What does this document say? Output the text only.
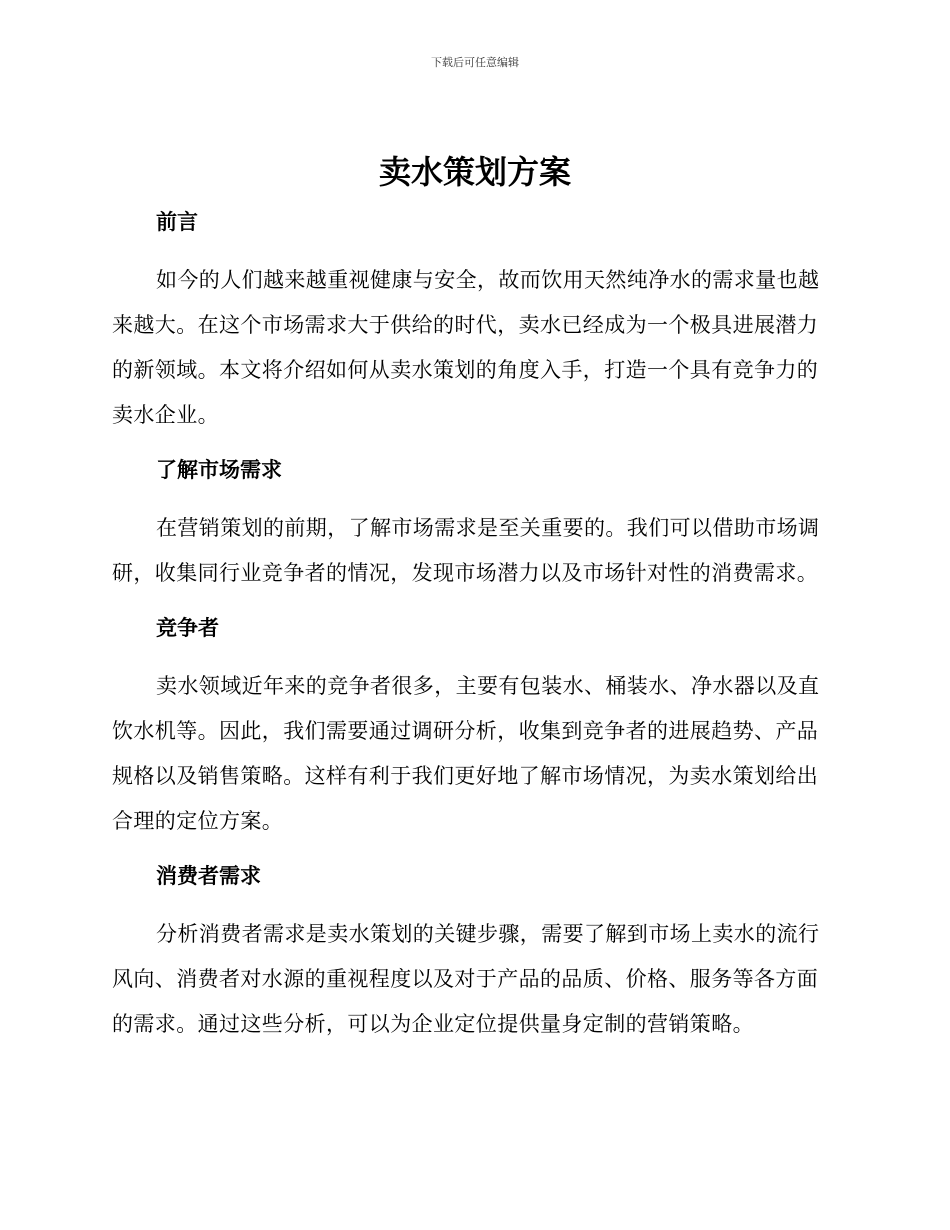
下载后可任意编辑
卖水策划方案

前言

如今的人们越来越重视健康与安全，故而饮用天然纯净水的需求量也越来越大。在这个市场需求大于供给的时代，卖水已经成为一个极具进展潜力的新领域。本文将介绍如何从卖水策划的角度入手，打造一个具有竞争力的卖水企业。

了解市场需求

在营销策划的前期，了解市场需求是至关重要的。我们可以借助市场调研，收集同行业竞争者的情况，发现市场潜力以及市场针对性的消费需求。

竞争者

卖水领域近年来的竞争者很多，主要有包装水、桶装水、净水器以及直饮水机等。因此，我们需要通过调研分析，收集到竞争者的进展趋势、产品规格以及销售策略。这样有利于我们更好地了解市场情况，为卖水策划给出合理的定位方案。

消费者需求

分析消费者需求是卖水策划的关键步骤，需要了解到市场上卖水的流行风向、消费者对水源的重视程度以及对于产品的品质、价格、服务等各方面的需求。通过这些分析，可以为企业定位提供量身定制的营销策略。
